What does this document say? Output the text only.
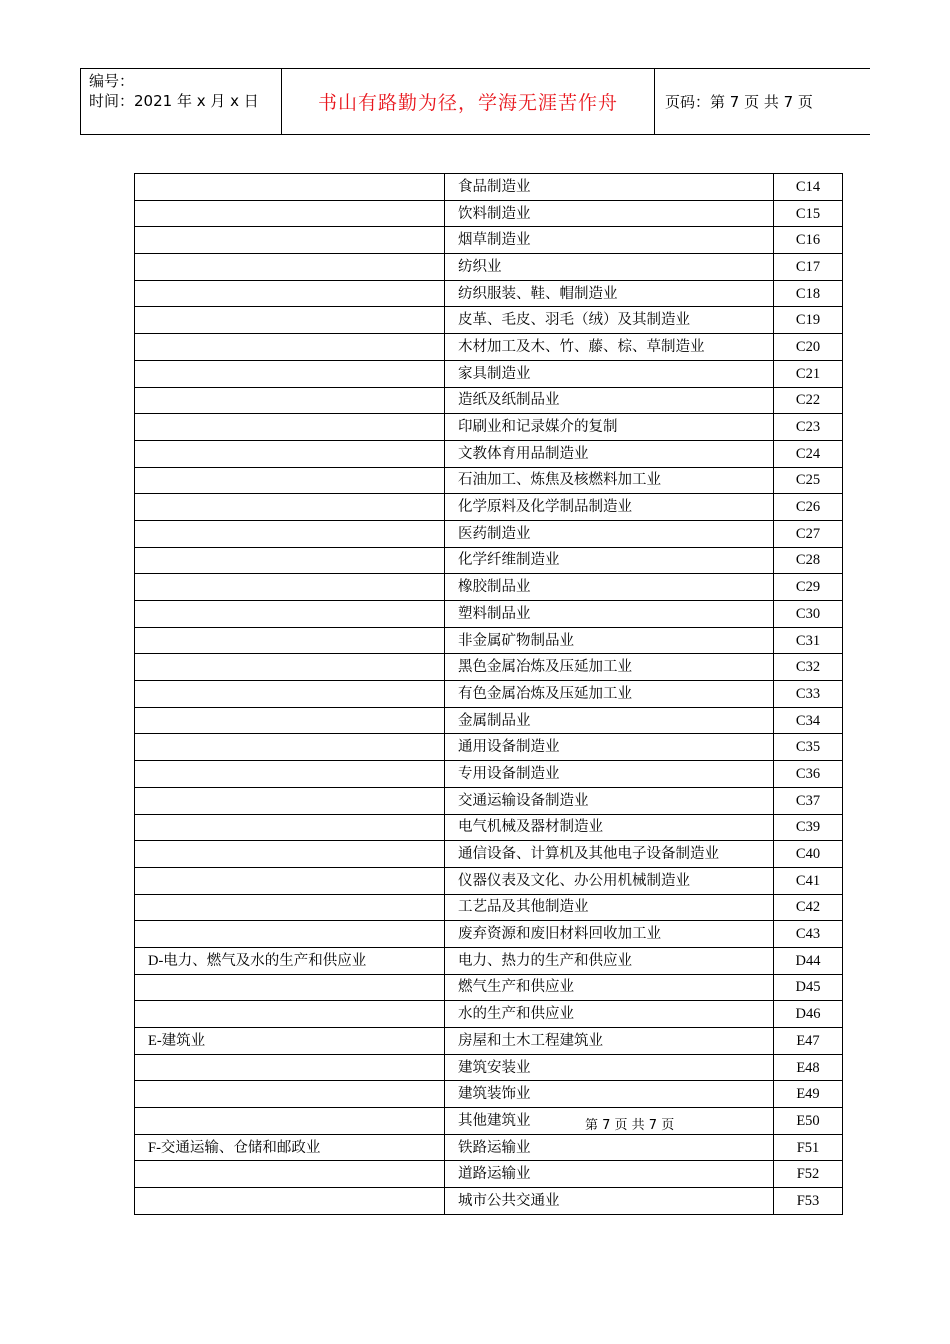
编号：
时间：2021 年 x 月 x 日	书山有路勤为径，学海无涯苦作舟	页码：第 7 页 共 7 页
	食品制造业	C14
	饮料制造业	C15
	烟草制造业	C16
	纺织业	C17
	纺织服装、鞋、帽制造业	C18
	皮革、毛皮、羽毛（绒）及其制造业	C19
	木材加工及木、竹、藤、棕、草制造业	C20
	家具制造业	C21
	造纸及纸制品业	C22
	印刷业和记录媒介的复制	C23
	文教体育用品制造业	C24
	石油加工、炼焦及核燃料加工业	C25
	化学原料及化学制品制造业	C26
	医药制造业	C27
	化学纤维制造业	C28
	橡胶制品业	C29
	塑料制品业	C30
	非金属矿物制品业	C31
	黑色金属冶炼及压延加工业	C32
	有色金属冶炼及压延加工业	C33
	金属制品业	C34
	通用设备制造业	C35
	专用设备制造业	C36
	交通运输设备制造业	C37
	电气机械及器材制造业	C39
	通信设备、计算机及其他电子设备制造业	C40
	仪器仪表及文化、办公用机械制造业	C41
	工艺品及其他制造业	C42
	废弃资源和废旧材料回收加工业	C43
D-电力、燃气及水的生产和供应业	电力、热力的生产和供应业	D44
	燃气生产和供应业	D45
	水的生产和供应业	D46
E-建筑业	房屋和土木工程建筑业	E47
	建筑安装业	E48
	建筑装饰业	E49
	其他建筑业	E50
F-交通运输、仓储和邮政业	铁路运输业	F51
	道路运输业	F52
	城市公共交通业	F53
第 7 页 共 7 页
